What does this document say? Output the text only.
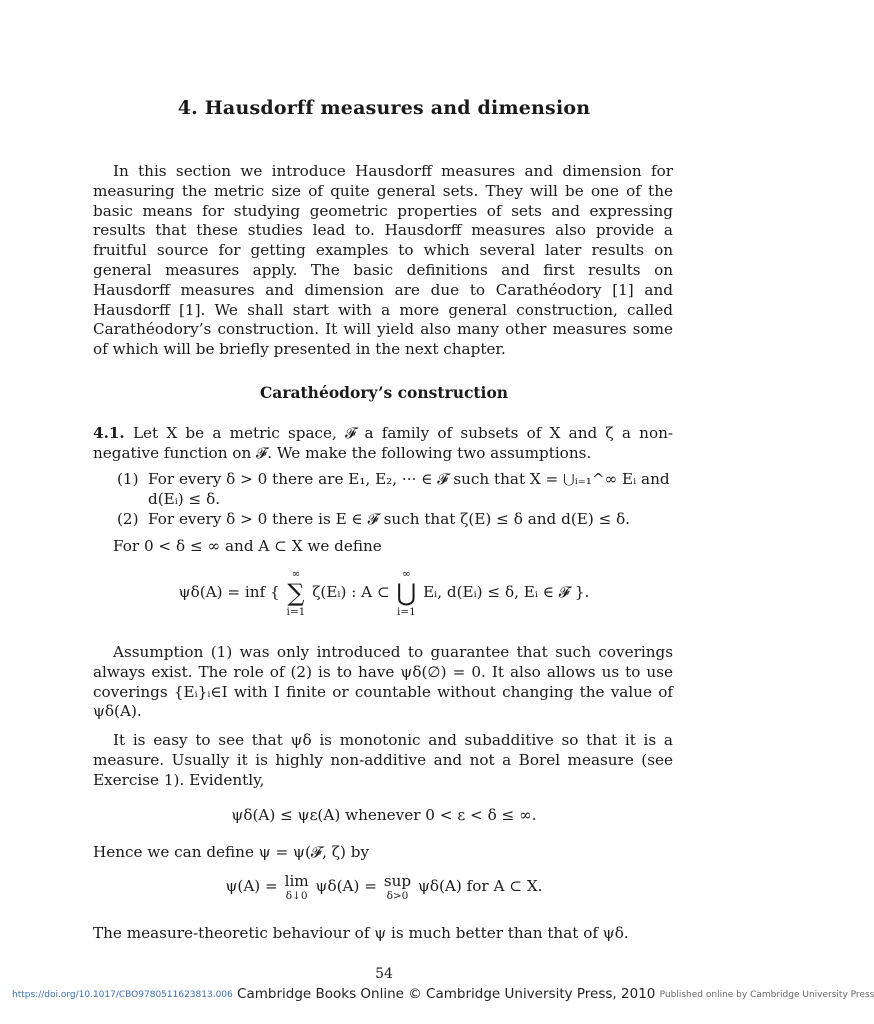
4. Hausdorff measures and dimension

In this section we introduce Hausdorff measures and dimension for measuring the metric size of quite general sets. They will be one of the basic means for studying geometric properties of sets and expressing results that these studies lead to. Hausdorff measures also provide a fruitful source for getting examples to which several later results on general measures apply. The basic definitions and first results on Hausdorff measures and dimension are due to Carathéodory [1] and Hausdorff [1]. We shall start with a more general construction, called Carathéodory’s construction. It will yield also many other measures some of which will be briefly presented in the next chapter.

Carathéodory’s construction

4.1. Let X be a metric space, 𝓕 a family of subsets of X and ζ a non-negative function on 𝓕. We make the following two assumptions.

(1) For every δ > 0 there are E₁, E₂, ··· ∈ 𝓕 such that X = ⋃ᵢ₌₁^∞ Eᵢ and d(Eᵢ) ≤ δ.
(2) For every δ > 0 there is E ∈ 𝓕 such that ζ(E) ≤ δ and d(E) ≤ δ.

For 0 < δ ≤ ∞ and A ⊂ X we define

ψδ(A) = inf {
∞
∑
i=1
ζ(Eᵢ) : A ⊂
∞
⋃
i=1
Eᵢ, d(Eᵢ) ≤ δ, Eᵢ ∈ 𝓕 }.

Assumption (1) was only introduced to guarantee that such coverings always exist. The role of (2) is to have ψδ(∅) = 0. It also allows us to use coverings {Eᵢ}ᵢ∈I with I finite or countable without changing the value of ψδ(A).

It is easy to see that ψδ is monotonic and subadditive so that it is a measure. Usually it is highly non-additive and not a Borel measure (see Exercise 1). Evidently,

ψδ(A) ≤ ψε(A) whenever 0 < ε < δ ≤ ∞.

Hence we can define ψ = ψ(𝓕, ζ) by

ψ(A) = lim
δ↓0
ψδ(A) = sup
δ>0
ψδ(A) for A ⊂ X.

The measure-theoretic behaviour of ψ is much better than that of ψδ.

54
https://doi.org/10.1017/CBO9780511623813.006 Cambridge Books Online © Cambridge University Press, 2010 Published online by Cambridge University Press
